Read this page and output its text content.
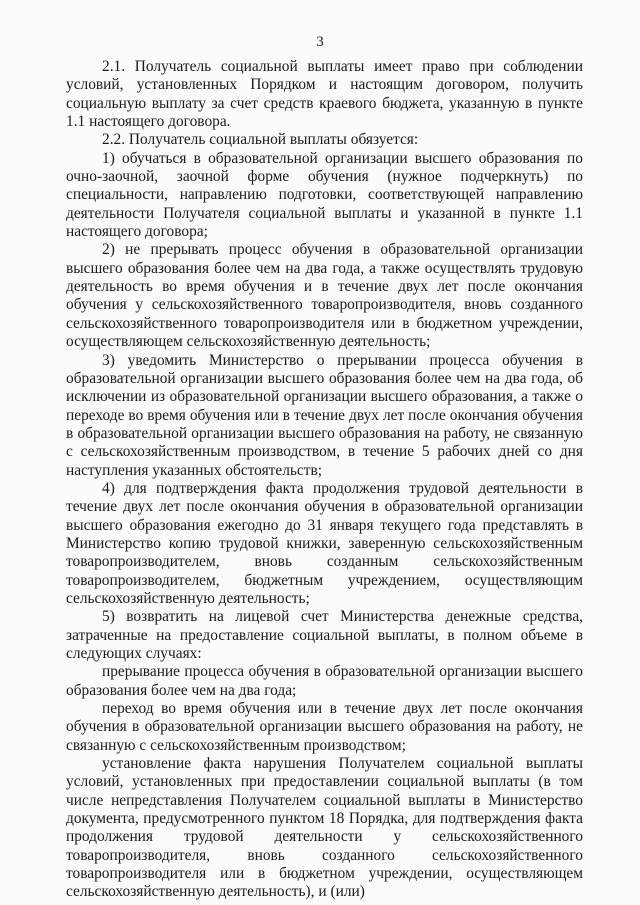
3

2.1. Получатель социальной выплаты имеет право при соблюдении условий, установленных Порядком и настоящим договором, получить социальную выплату за счет средств краевого бюджета, указанную в пункте 1.1 настоящего договора.

2.2. Получатель социальной выплаты обязуется:

1) обучаться в образовательной организации высшего образования по очно-заочной, заочной форме обучения (нужное подчеркнуть) по специальности, направлению подготовки, соответствующей направлению деятельности Получателя социальной выплаты и указанной в пункте 1.1 настоящего договора;

2) не прерывать процесс обучения в образовательной организации высшего образования более чем на два года, а также осуществлять трудовую деятельность во время обучения и в течение двух лет после окончания обучения у сельскохозяйственного товаропроизводителя, вновь созданного сельскохозяйственного товаропроизводителя или в бюджетном учреждении, осуществляющем сельскохозяйственную деятельность;

3) уведомить Министерство о прерывании процесса обучения в образовательной организации высшего образования более чем на два года, об исключении из образовательной организации высшего образования, а также о переходе во время обучения или в течение двух лет после окончания обучения в образовательной организации высшего образования на работу, не связанную с сельскохозяйственным производством, в течение 5 рабочих дней со дня наступления указанных обстоятельств;

4) для подтверждения факта продолжения трудовой деятельности в течение двух лет после окончания обучения в образовательной организации высшего образования ежегодно до 31 января текущего года представлять в Министерство копию трудовой книжки, заверенную сельскохозяйственным товаропроизводителем, вновь созданным сельскохозяйственным товаропроизводителем, бюджетным учреждением, осуществляющим сельскохозяйственную деятельность;

5) возвратить на лицевой счет Министерства денежные средства, затраченные на предоставление социальной выплаты, в полном объеме в следующих случаях:

прерывание процесса обучения в образовательной организации высшего образования более чем на два года;

переход во время обучения или в течение двух лет после окончания обучения в образовательной организации высшего образования на работу, не связанную с сельскохозяйственным производством;

установление факта нарушения Получателем социальной выплаты условий, установленных при предоставлении социальной выплаты (в том числе непредставления Получателем социальной выплаты в Министерство документа, предусмотренного пунктом 18 Порядка, для подтверждения факта продолжения трудовой деятельности у сельскохозяйственного товаропроизводителя, вновь созданного сельскохозяйственного товаропроизводителя или в бюджетном учреждении, осуществляющем сельскохозяйственную деятельность), и (или)
